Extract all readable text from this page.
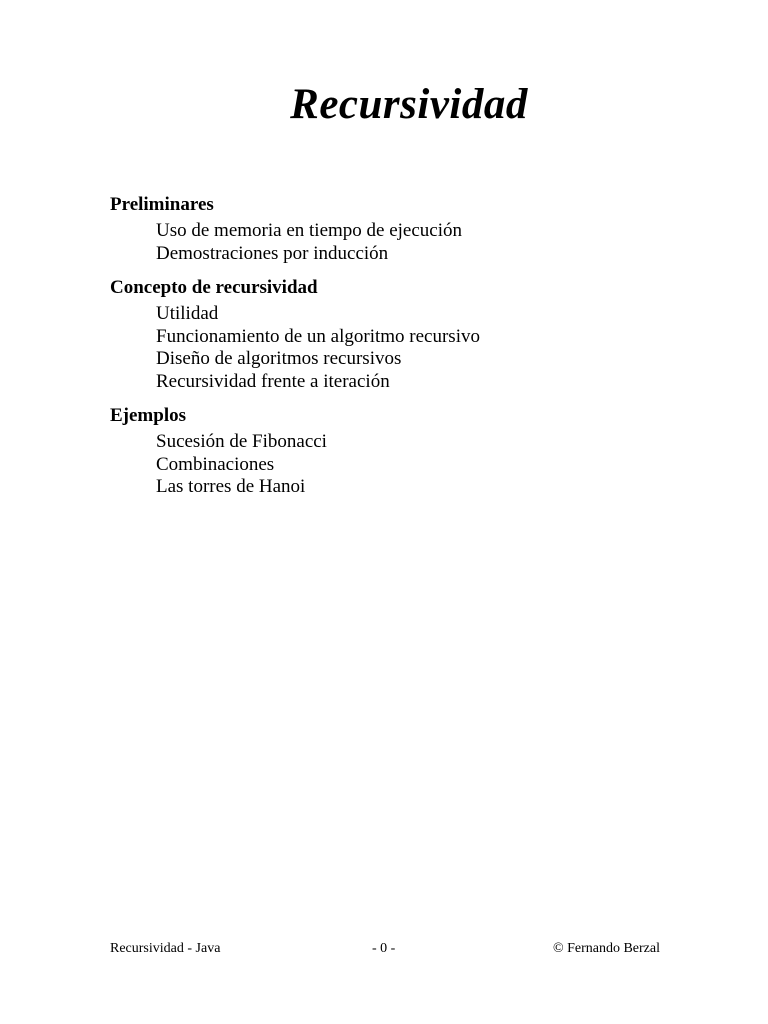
Recursividad
Preliminares
Uso de memoria en tiempo de ejecución
Demostraciones por inducción
Concepto de recursividad
Utilidad
Funcionamiento de un algoritmo recursivo
Diseño de algoritmos recursivos
Recursividad frente a iteración
Ejemplos
Sucesión de Fibonacci
Combinaciones
Las torres de Hanoi
Recursividad - Java	- 0 -	© Fernando Berzal
